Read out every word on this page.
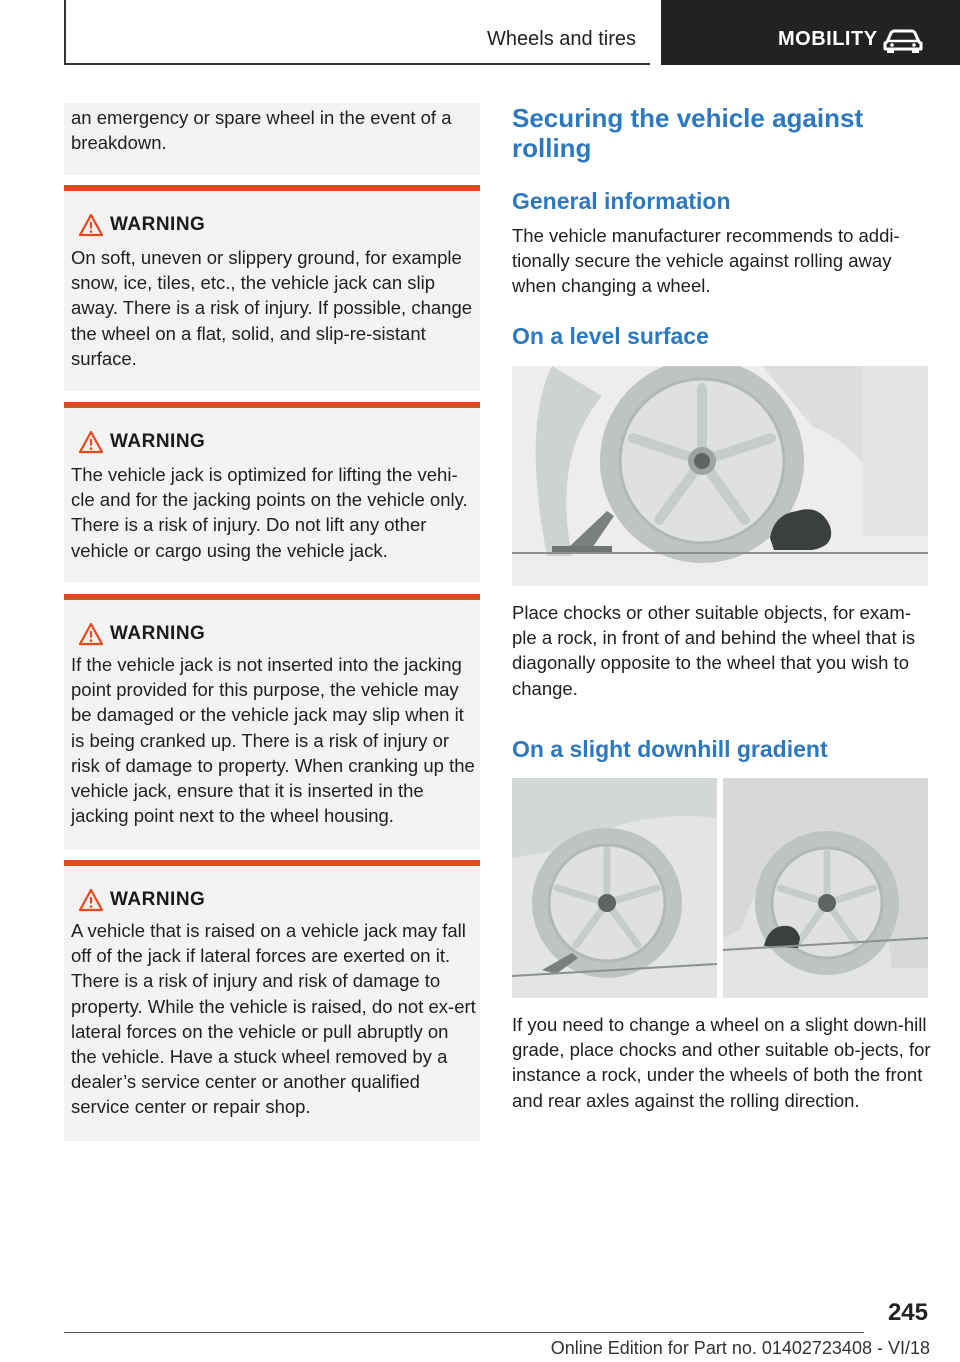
Wheels and tires	MOBILITY
an emergency or spare wheel in the event of a breakdown.
WARNING
On soft, uneven or slippery ground, for example snow, ice, tiles, etc., the vehicle jack can slip away. There is a risk of injury. If possible, change the wheel on a flat, solid, and slip-re‐sistant surface.
WARNING
The vehicle jack is optimized for lifting the vehi‐cle and for the jacking points on the vehicle only. There is a risk of injury. Do not lift any other vehicle or cargo using the vehicle jack.
WARNING
If the vehicle jack is not inserted into the jacking point provided for this purpose, the vehicle may be damaged or the vehicle jack may slip when it is being cranked up. There is a risk of injury or risk of damage to property. When cranking up the vehicle jack, ensure that it is inserted in the jacking point next to the wheel housing.
WARNING
A vehicle that is raised on a vehicle jack may fall off of the jack if lateral forces are exerted on it. There is a risk of injury and risk of damage to property. While the vehicle is raised, do not ex‐ert lateral forces on the vehicle or pull abruptly on the vehicle. Have a stuck wheel removed by a dealer’s service center or another qualified service center or repair shop.
Securing the vehicle against rolling
General information
The vehicle manufacturer recommends to addi‐tionally secure the vehicle against rolling away when changing a wheel.
On a level surface
Place chocks or other suitable objects, for exam‐ple a rock, in front of and behind the wheel that is diagonally opposite to the wheel that you wish to change.
On a slight downhill gradient
If you need to change a wheel on a slight down‐hill grade, place chocks and other suitable ob‐jects, for instance a rock, under the wheels of both the front and rear axles against the rolling direction.
245
Online Edition for Part no. 01402723408 - VI/18
